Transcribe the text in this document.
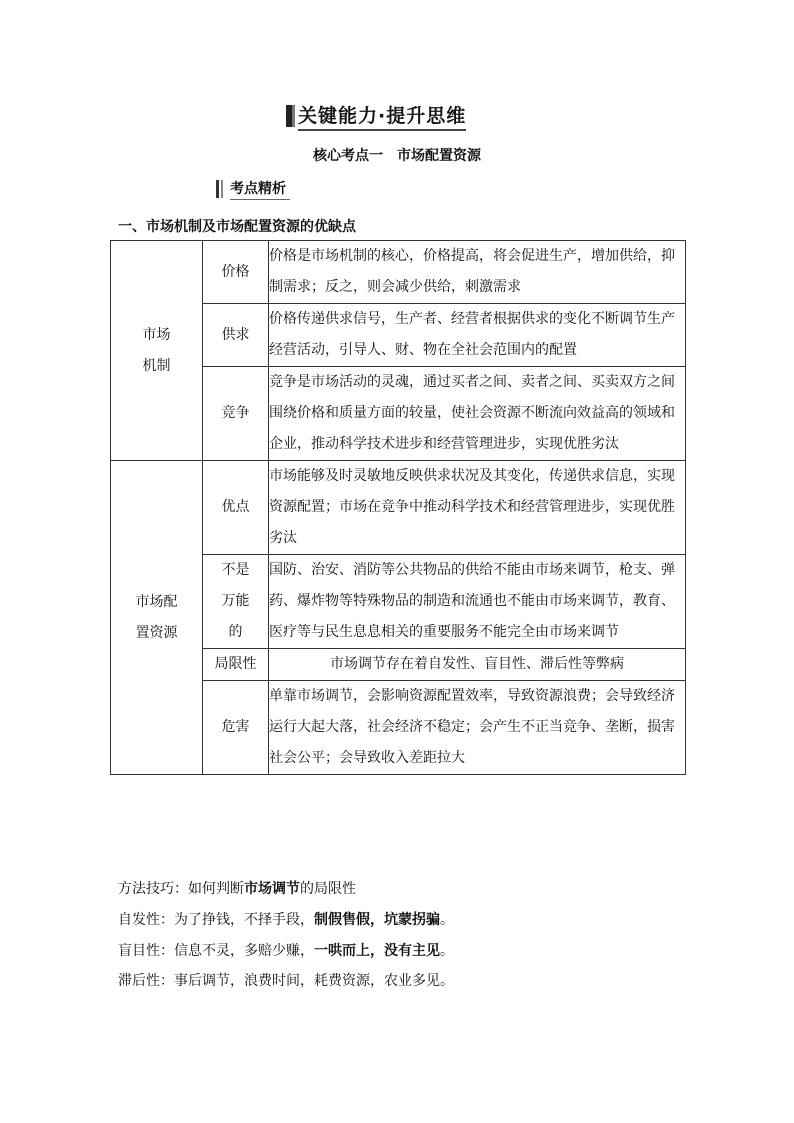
关键能力·提升思维
核心考点一　市场配置资源
考点精析
一、市场机制及市场配置资源的优缺点
市场
机制	价格	价格是市场机制的核心，价格提高，将会促进生产，增加供给，抑制需求；反之，则会减少供给，刺激需求
	供求	价格传递供求信号，生产者、经营者根据供求的变化不断调节生产经营活动，引导人、财、物在全社会范围内的配置
	竞争	竞争是市场活动的灵魂，通过买者之间、卖者之间、买卖双方之间围绕价格和质量方面的较量，使社会资源不断流向效益高的领域和企业，推动科学技术进步和经营管理进步，实现优胜劣汰

市场配
置资源	优点	市场能够及时灵敏地反映供求状况及其变化，传递供求信息，实现资源配置；市场在竞争中推动科学技术和经营管理进步，实现优胜劣汰

	不是
万能
的	国防、治安、消防等公共物品的供给不能由市场来调节，枪支、弹药、爆炸物等特殊物品的制造和流通也不能由市场来调节，教育、医疗等与民生息息相关的重要服务不能完全由市场来调节
	局限性	市场调节存在着自发性、盲目性、滞后性等弊病
	危害	单靠市场调节，会影响资源配置效率，导致资源浪费；会导致经济运行大起大落，社会经济不稳定；会产生不正当竞争、垄断，损害社会公平；会导致收入差距拉大
方法技巧：如何判断市场调节的局限性
自发性：为了挣钱，不择手段，制假售假，坑蒙拐骗。
盲目性：信息不灵，多赔少赚，一哄而上，没有主见。
滞后性：事后调节，浪费时间，耗费资源，农业多见。
